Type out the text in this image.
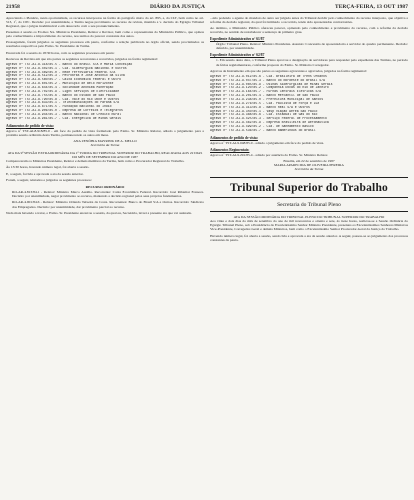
21958	DIÁRIO DA JUSTIÇA	TERÇA-FEIRA, 13 OUT 1987

Apreciando o Plenário, nesta oportunidade, os recursos interpostos na forma do parágrafo único do art. 895, a, da CLT, bem como no art. 513, 1º, do CPC. Decisão: por unanimidade, a Turma negou provimento ao recurso de revista, mantida a v. decisão do Egrégio Tribunal Regional, que o julgou inadmissível e em desacordo com o seu pronunciamento.

Presentes à sessão os Ex.mos Srs. Ministros Presidente, Relator e Revisor, bem como o representante do Ministério Público, que opinou pelo conhecimento e improvimento do recurso, nos termos do parecer constante dos autos.

Prosseguindo, foram julgados os seguintes processos em pauta, conforme a relação publicada no órgão oficial, sendo proclamados os resultados respectivos pelo Exmo. Sr. Presidente da Turma.

Encerrada foi a sessão às 18:30 horas, com os seguintes processos em pauta:

Recursos de Revista em que são partes os seguintes recorrentes e recorridos, julgados na forma regimental:

Agravo nº TST-AI-8.318/85.5 - Banco do Brasil S/A e Maria Conceição
Agravo nº TST-AI-8.402/85.1 - Cia. Siderúrgica Nacional e Outros
Agravo nº TST-AI-8.469/85.0 - Rede Ferroviária Federal S/A
Agravo nº TST-AI-8.512/85.3 - Petrobrás e José Antônio da Silva
Agravo nº TST-AI-8.560/85.7 - Caixa Econômica Federal e Outro
Agravo nº TST-AI-8.601/85.2 - Município de Belo Horizonte
Agravo nº TST-AI-8.644/85.4 - Sociedade Anônima Mineração
Agravo nº TST-AI-8.702/85.9 - Light Serviços de Eletricidade
Agravo nº TST-AI-8.755/85.6 - Banco do Estado de São Paulo
Agravo nº TST-AI-8.790/85.8 - Cia. Vale do Rio Doce e Outros
Agravo nº TST-AI-8.833/85.1 - Telecomunicações do Paraná S/A
Agravo nº TST-AI-8.871/85.5 - Fundação Nacional do Índio
Agravo nº TST-AI-8.906/85.0 - Empresa de Correios e Telégrafos
Agravo nº TST-AI-8.944/85.3 - Banco Nacional de Crédito Rural
Agravo nº TST-AI-8.981/85.7 - Cia. Energética de Minas Gerais
Adiamentos de pedido de vista:

Agravo nº TST-AI-8.918/85.0 - em face do pedido de vista formulado pelo Exmo. Sr. Ministro Relator, adiado o julgamento para a próxima sessão ordinária desta Turma, permanecendo os autos em mesa.

ANA ZENÓBIA MAYRINK DE A. MELLO
Secretária da Turma
ATA DA 9ª SESSÃO EXTRAORDINÁRIA DA 1ª TURMA DO TRIBUNAL SUPERIOR DO TRABALHO, REALIZADA AOS 22 DIAS DO MÊS DE SETEMBRO DO ANO DE 1987

Compareceram os Ministros Presidente, Relator e demais membros da Turma, bem como o Procurador Regional do Trabalho.

Às 13:30 horas, havendo número legal, foi aberta a sessão.

E, a seguir, foi lida e aprovada a ata da sessão anterior.

Foram, a seguir, relatados e julgados os seguintes processos:

RECURSO ORDINÁRIO

RO-AR-4.813/84.1 - Relator: Ministro Marco Aurélio. Recorrente: Caixa Econômica Federal. Recorrido: José Ribamar Fonseca. Decisão: por unanimidade, negar provimento ao recurso, mantendo a decisão regional pelos seus próprios fundamentos.

RO-AR-4.901/84.6 - Relator: Ministro Orlando Teixeira da Costa. Recorrentes: Banco do Brasil S/A e Outros. Recorrido: Sindicato dos Empregados. Decisão: por unanimidade, dar provimento parcial ao recurso.

Nada mais havendo a tratar, o Exmo. Sr. Presidente encerrou a sessão, da qual eu, Secretária, lavrei a presente ata que vai assinada.

...não podendo o agente do mandato de outro ser julgado antes do Tribunal decidir pelo conhecimento do recurso interposto, que objetiva a reforma da decisão regional, da qual foi intimado o recorrido, tendo sido apresentadas contrarrazões.

Ao término, o Ministério Público ofereceu parecer, opinando pelo conhecimento e provimento do recurso, com a reforma da decisão recorrida, no sentido de restabelecer a sentença de primeiro grau.

Expediente Administrativo nº 61/87

Órgão: Tribunal Pleno. Relator: Ministro Presidente. Assunto: Concessão de aposentadoria a servidor do quadro permanente. Decisão: deferido, por unanimidade.

Expediente Administrativo nº 62/87

1. Em sessão desta data, o Tribunal Pleno aprovou a designação de servidores para responder pelo expediente das Turmas, no período de férias regulamentares, conforme proposta do Exmo. Sr. Ministro Corregedor.

Agravos de Instrumento em que são partes os seguintes agravantes e agravados, julgados na forma regimental:

Agravo nº TST-AI-9.012/85.6 - Cia. Brasileira de Trens Urbanos
Agravo nº TST-AI-9.047/85.3 - Banco do Nordeste do Brasil S/A
Agravo nº TST-AI-9.085/85.9 - Usinas Siderúrgicas de Minas Gerais
Agravo nº TST-AI-9.120/85.2 - Companhia Docas do Rio de Janeiro
Agravo nº TST-AI-9.164/85.7 - Furnas Centrais Elétricas S/A
Agravo nº TST-AI-9.201/85.4 - Banco Mercantil de São Paulo
Agravo nº TST-AI-9.238/85.0 - Prefeitura Municipal de Santos
Agravo nº TST-AI-9.276/85.5 - Cia. Paulista de Força e Luz
Agravo nº TST-AI-9.313/85.8 - Banco Real S/A e Outros
Agravo nº TST-AI-9.350/85.1 - Vasp Viação Aérea São Paulo
Agravo nº TST-AI-9.388/85.6 - Cia. Estadual de Gás do Rio
Agravo nº TST-AI-9.425/85.3 - Serviço Federal de Processamento
Agravo nº TST-AI-9.462/85.9 - Empresa Brasileira de Aeronáutica
Agravo nº TST-AI-9.499/85.2 - Cia. de Saneamento Básico
Agravo nº TST-AI-9.536/85.7 - Banco Bamerindus do Brasil
Adiamentos de pedido de vista:

Agravo nº TST-AI-9.048/85.0 - adiado o julgamento em face do pedido de vista.

Adiamentos Regimentais:

Agravo nº TST-AI-9.291/85.4 - adiado por ausência do Exmo. Sr. Ministro Relator.

Brasília, em 22 de setembro de 1987
MARIA APARECIDA DE OLIVEIRA PEREIRA
Secretária da Turma
Tribunal Superior do Trabalho
Secretaria do Tribunal Pleno
ATA DA SESSÃO ORDINÁRIA DO TRIBUNAL PLENO DO TRIBUNAL SUPERIOR DO TRABALHO

Aos vinte e dois dias do mês de setembro do ano de mil novecentos e oitenta e sete, às treze horas, realizou-se a Sessão Ordinária do Egrégio Tribunal Pleno, sob a Presidência do Excelentíssimo Senhor Ministro Presidente, presentes os Excelentíssimos Senhores Ministros Vice-Presidente, Corregedor-Geral e demais Ministros, bem como o Excelentíssimo Senhor Procurador-Geral da Justiça do Trabalho.

Havendo número legal, foi aberta a sessão, sendo lida e aprovada a ata da sessão anterior. A seguir, passou-se ao julgamento dos processos constantes da pauta.
